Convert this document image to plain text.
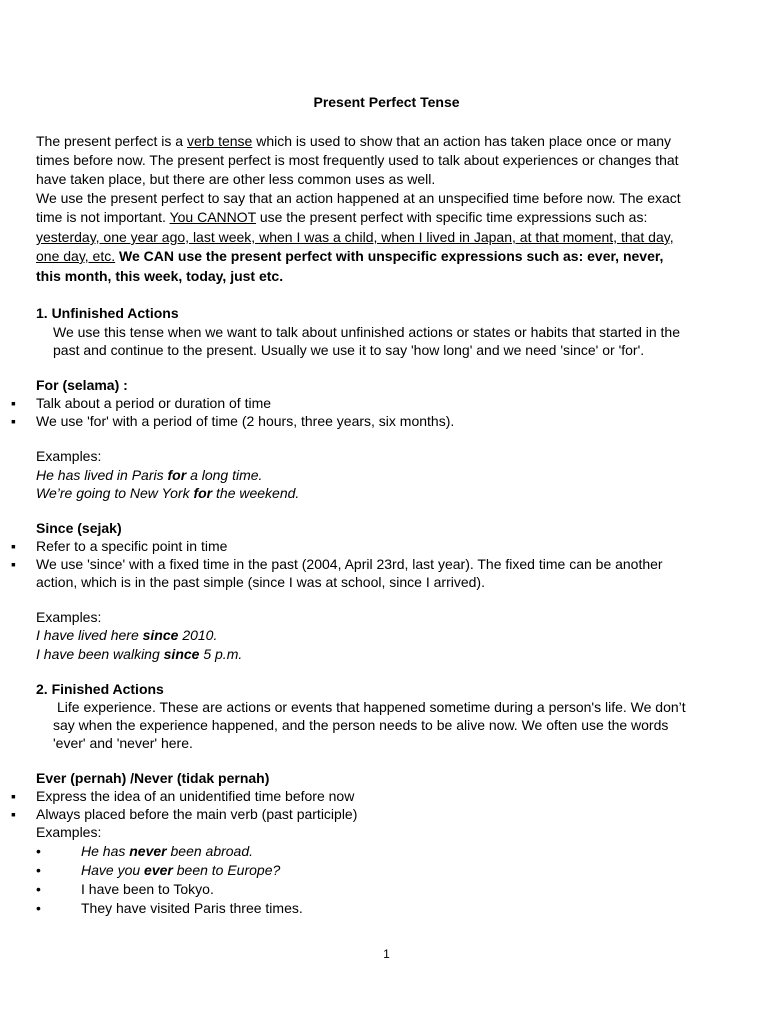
Present Perfect Tense
The present perfect is a verb tense which is used to show that an action has taken place once or many
times before now. The present perfect is most frequently used to talk about experiences or changes that
have taken place, but there are other less common uses as well.
We use the present perfect to say that an action happened at an unspecified time before now. The exact
time is not important. You CANNOT use the present perfect with specific time expressions such as:
yesterday, one year ago, last week, when I was a child, when I lived in Japan, at that moment, that day,
one day, etc. We CAN use the present perfect with unspecific expressions such as: ever, never,
this month, this week, today, just etc.
1. Unfinished Actions
We use this tense when we want to talk about unfinished actions or states or habits that started in the
past and continue to the present. Usually we use it to say 'how long' and we need 'since' or 'for'.
For (selama) :
▪ Talk about a period or duration of time
▪ We use 'for' with a period of time (2 hours, three years, six months).
Examples:
He has lived in Paris for a long time.
We’re going to New York for the weekend.
Since (sejak)
▪ Refer to a specific point in time
▪ We use 'since' with a fixed time in the past (2004, April 23rd, last year). The fixed time can be another
action, which is in the past simple (since I was at school, since I arrived).
Examples:
I have lived here since 2010.
I have been walking since 5 p.m.
2. Finished Actions
Life experience. These are actions or events that happened sometime during a person's life. We don’t
say when the experience happened, and the person needs to be alive now. We often use the words
'ever' and 'never' here.
Ever (pernah) /Never (tidak pernah)
▪ Express the idea of an unidentified time before now
▪ Always placed before the main verb (past participle)
Examples:
•	He has never been abroad.
•	Have you ever been to Europe?
•	I have been to Tokyo.
•	They have visited Paris three times.
1
